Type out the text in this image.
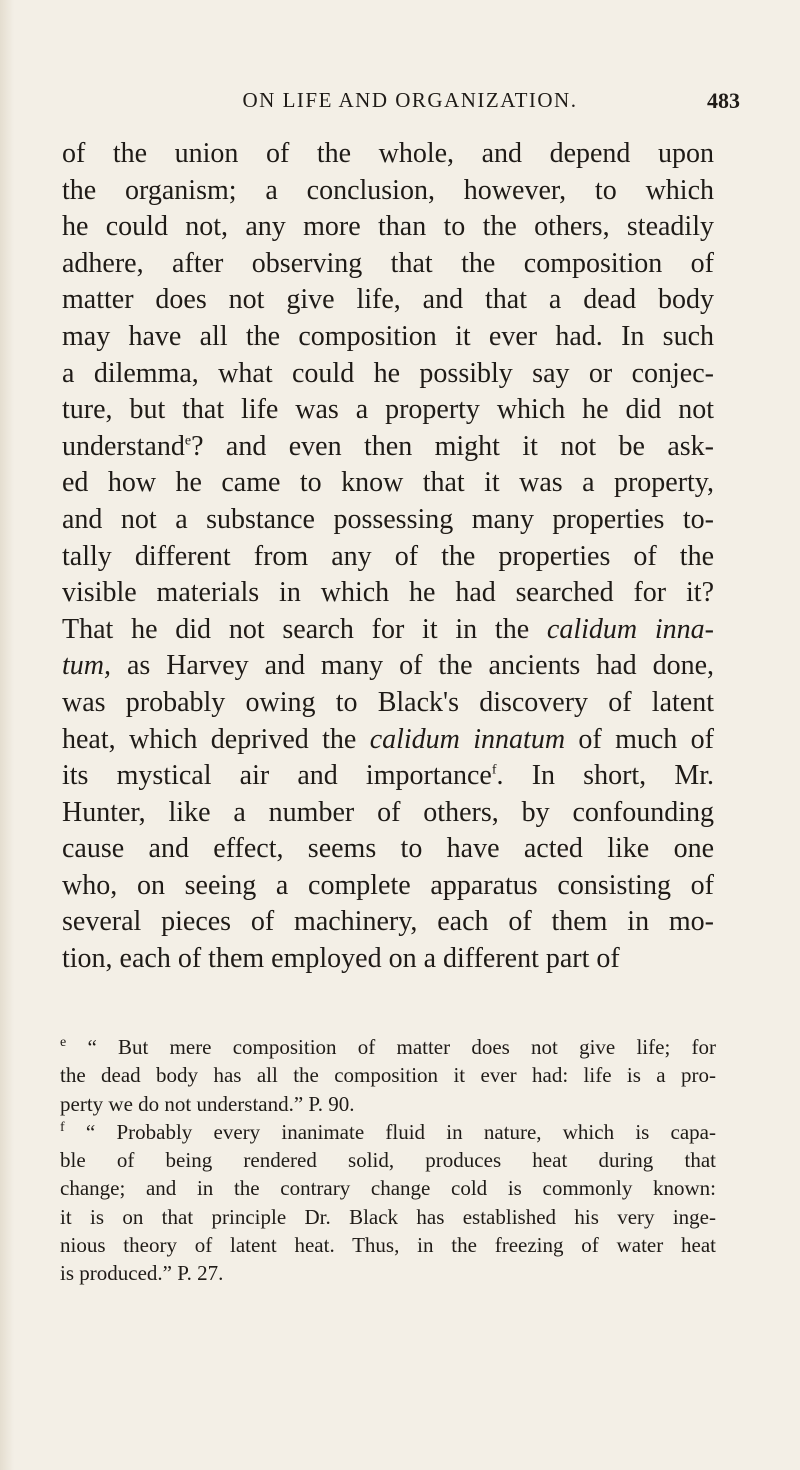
ON LIFE AND ORGANIZATION.	483
of the union of the whole, and depend upon
the organism; a conclusion, however, to which
he could not, any more than to the others, steadily
adhere, after observing that the composition of
matter does not give life, and that a dead body
may have all the composition it ever had. In such
a dilemma, what could he possibly say or conjec-
ture, but that life was a property which he did not
understand$^e$? and even then might it not be ask-
ed how he came to know that it was a property,
and not a substance possessing many properties to-
tally different from any of the properties of the
visible materials in which he had searched for it?
That he did not search for it in the calidum inna-
tum, as Harvey and many of the ancients had done,
was probably owing to Black's discovery of latent
heat, which deprived the calidum innatum of much of
its mystical air and importance$^f$. In short, Mr.
Hunter, like a number of others, by confounding
cause and effect, seems to have acted like one
who, on seeing a complete apparatus consisting of
several pieces of machinery, each of them in mo-
tion, each of them employed on a different part of
$^e$ “ But mere composition of matter does not give life; for
the dead body has all the composition it ever had: life is a pro-
perty we do not understand.” P. 90.
$^f$ “ Probably every inanimate fluid in nature, which is capa-
ble of being rendered solid, produces heat during that
change; and in the contrary change cold is commonly known:
it is on that principle Dr. Black has established his very inge-
nious theory of latent heat. Thus, in the freezing of water heat
is produced.” P. 27.
